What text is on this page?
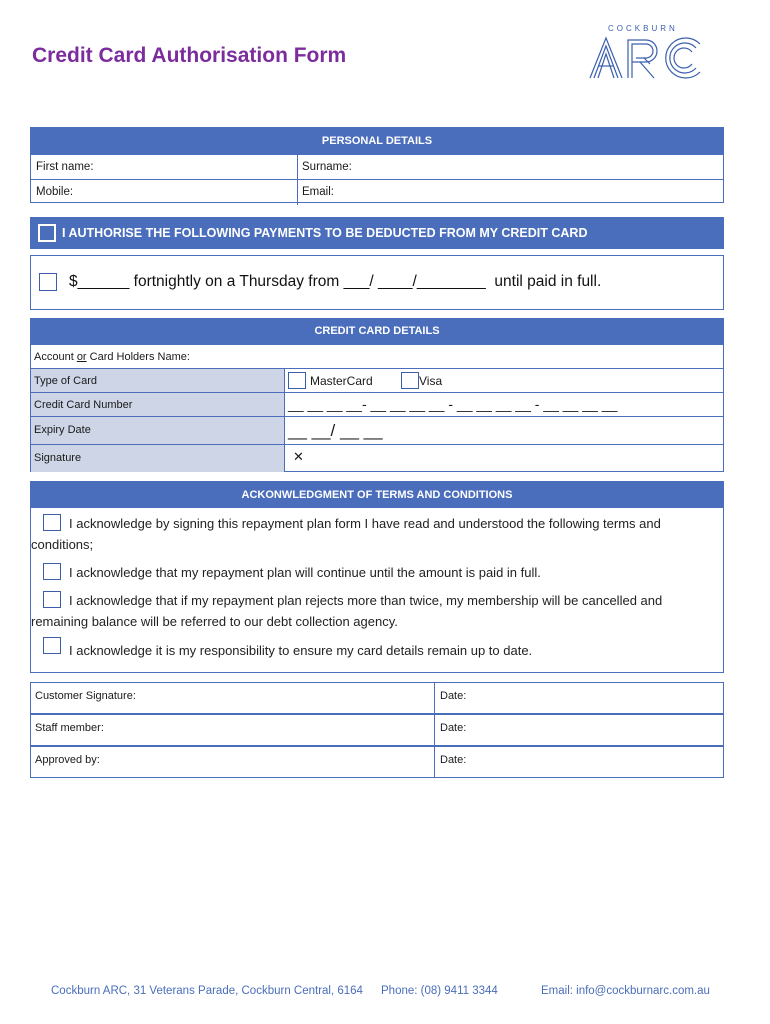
Credit Card Authorisation Form
COCKBURN
PERSONAL DETAILS
First name:	Surname:
Mobile:	Email:
I AUTHORISE THE FOLLOWING PAYMENTS TO BE DEDUCTED FROM MY CREDIT CARD
$______ fortnightly on a Thursday from ___/ ____/________  until paid in full.
CREDIT CARD DETAILS
Account or Card Holders Name:
Type of Card	MasterCard	Visa
Credit Card Number	__ __ __ __- __ __ __ __ - __ __ __ __ - __ __ __ __
Expiry Date	__ __/ __ __
Signature	✕
ACKONWLEDGMENT OF TERMS AND CONDITIONS
I acknowledge by signing this repayment plan form I have read and understood the following terms and conditions;
I acknowledge that my repayment plan will continue until the amount is paid in full.
I acknowledge that if my repayment plan rejects more than twice, my membership will be cancelled and remaining balance will be referred to our debt collection agency.
I acknowledge it is my responsibility to ensure my card details remain up to date.
Customer Signature:	Date:
Staff member:	Date:
Approved by:	Date:
Cockburn ARC, 31 Veterans Parade, Cockburn Central, 6164 Phone: (08) 9411 3344	Email: info@cockburnarc.com.au
